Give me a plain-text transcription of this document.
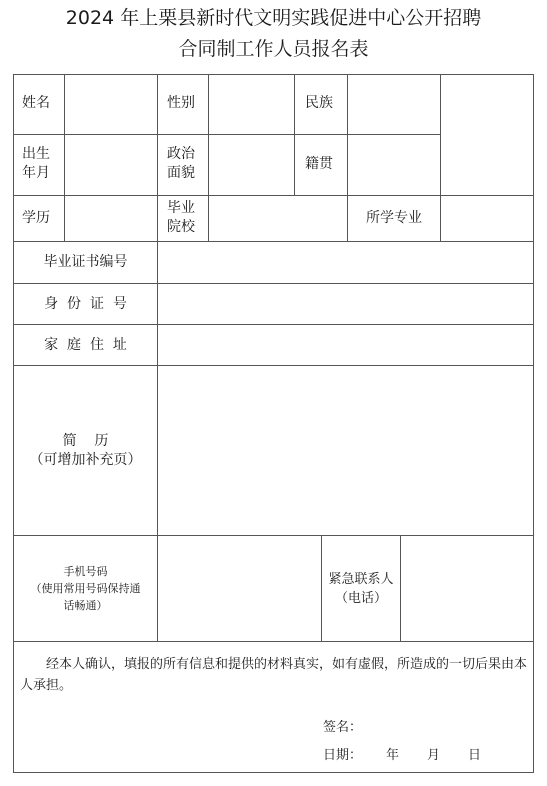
2024 年上栗县新时代文明实践促进中心公开招聘
合同制工作人员报名表
姓名	性别	民族
出生
年月
政治
面貌
籍贯
学历
毕业
院校
所学专业
毕业证书编号
身  份  证  号
家  庭  住  址
简    历
（可增加补充页）
手机号码
（使用常用号码保持通
话畅通）
紧急联系人
（电话）
经本人确认，填报的所有信息和提供的材料真实，如有虚假，所造成的一切后果由本人承担。
签名：
日期： 年 月 日
